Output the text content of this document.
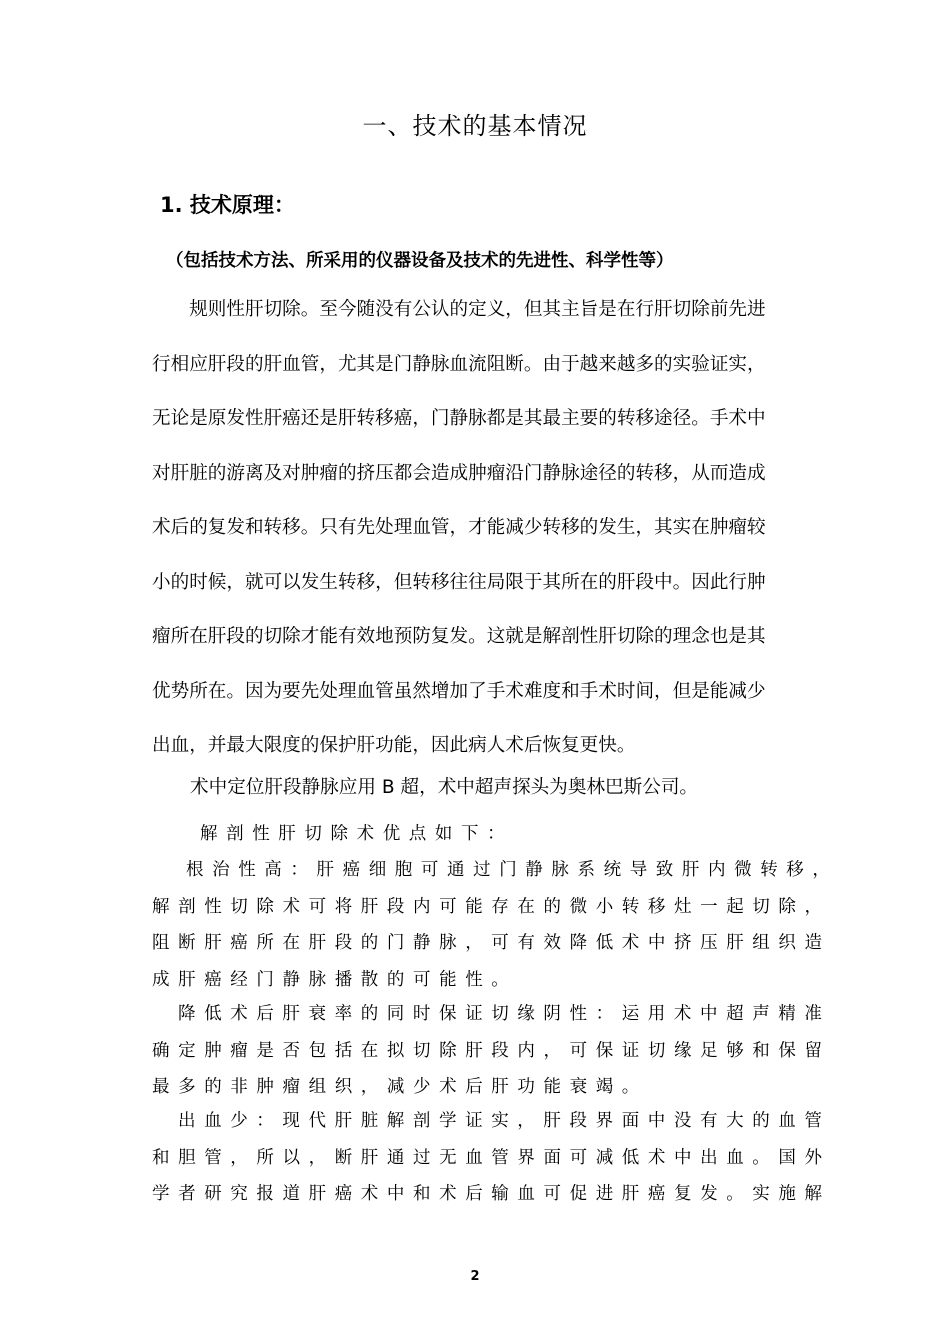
一、技术的基本情况
1. 技术原理：
（包括技术方法、所采用的仪器设备及技术的先进性、科学性等）
　　规则性肝切除。至今随没有公认的定义，但其主旨是在行肝切除前先进
行相应肝段的肝血管，尤其是门静脉血流阻断。由于越来越多的实验证实，
无论是原发性肝癌还是肝转移癌，门静脉都是其最主要的转移途径。手术中
对肝脏的游离及对肿瘤的挤压都会造成肿瘤沿门静脉途径的转移，从而造成
术后的复发和转移。只有先处理血管，才能减少转移的发生，其实在肿瘤较
小的时候，就可以发生转移，但转移往往局限于其所在的肝段中。因此行肿
瘤所在肝段的切除才能有效地预防复发。这就是解剖性肝切除的理念也是其
优势所在。因为要先处理血管虽然增加了手术难度和手术时间，但是能减少
出血，并最大限度的保护肝功能，因此病人术后恢复更快。
术中定位肝段静脉应用 B 超，术中超声探头为奥林巴斯公司。
解剖性肝切除术优点如下：
根治性高：肝癌细胞可通过门静脉系统导致肝内微转移，
解剖性切除术可将肝段内可能存在的微小转移灶一起切除，
阻断肝癌所在肝段的门静脉，可有效降低术中挤压肝组织造
成肝癌经门静脉播散的可能性。
降低术后肝衰率的同时保证切缘阴性：运用术中超声精准
确定肿瘤是否包括在拟切除肝段内，可保证切缘足够和保留
最多的非肿瘤组织，减少术后肝功能衰竭。
出血少：现代肝脏解剖学证实，肝段界面中没有大的血管
和胆管，所以，断肝通过无血管界面可减低术中出血。国外
学者研究报道肝癌术中和术后输血可促进肝癌复发。实施解
2
